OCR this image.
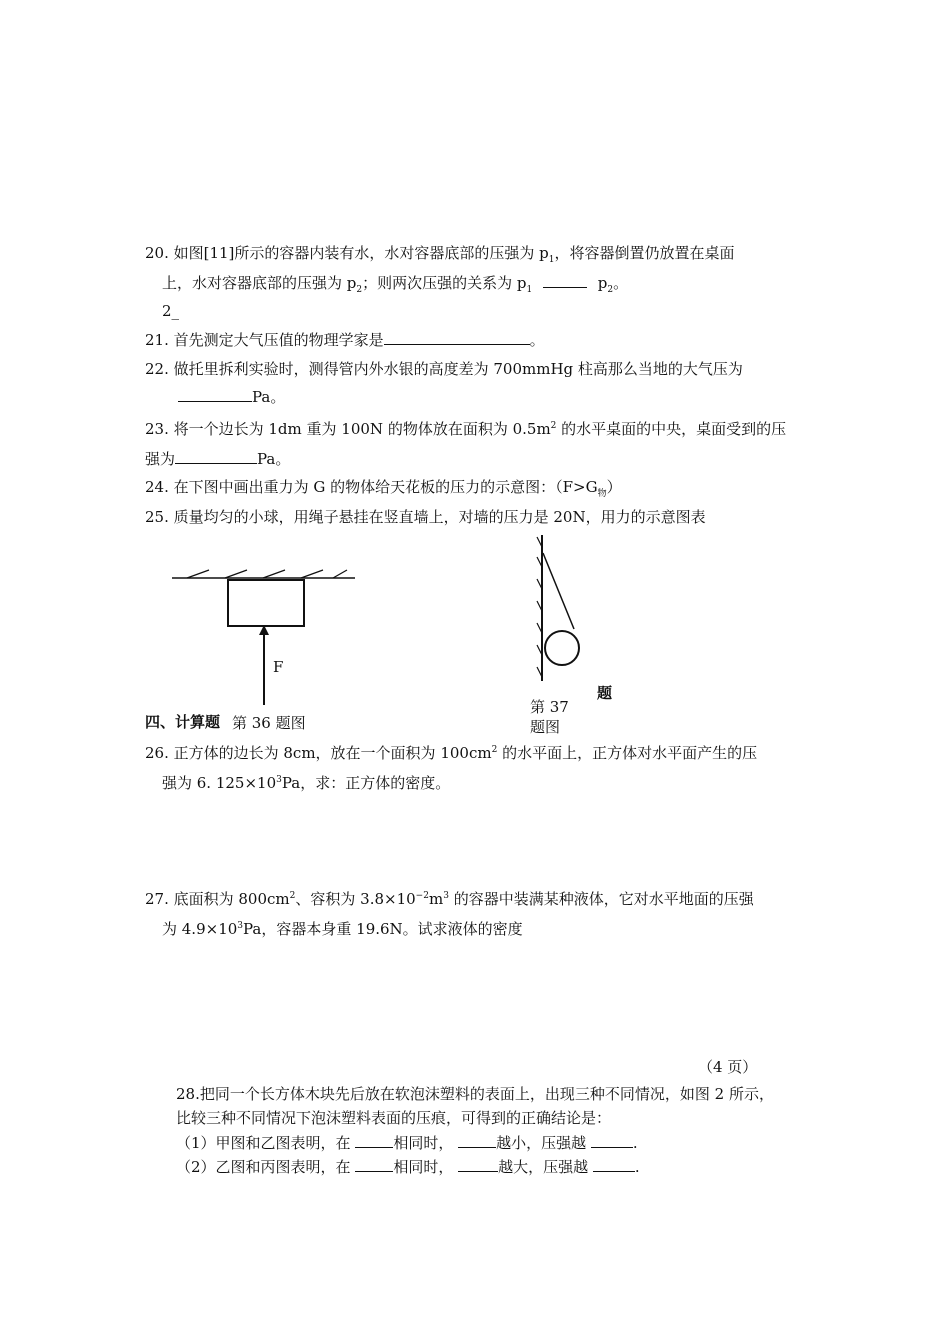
20. 如图[11]所示的容器内装有水，水对容器底部的压强为 $p_1$，将容器倒置仍放置在桌面
上，水对容器底部的压强为 $p_2$；则两次压强的关系为 $p_1$	$p_2$。
2_
21. 首先测定大气压值的物理学家是	。
22. 做托里拆利实验时，测得管内外水银的高度差为 700mmHg 柱高那么当地的大气压为
Pa。
23. 将一个边长为 1dm 重为 100N 的物体放在面积为 $0.5m^2$ 的水平桌面的中央，桌面受到的压
强为	Pa。
24. 在下图中画出重力为 G 的物体给天花板的压力的示意图：$(F>G_物)$
25. 质量均匀的小球，用绳子悬挂在竖直墙上，对墙的压力是 20N，用力的示意图表
F
题
第 37
题图
四、计算题 第 36 题图
26. 正方体的边长为 8cm，放在一个面积为 $100cm^2$ 的水平面上，正方体对水平面产生的压
强为 6. $125\times 10^3Pa$，求：正方体的密度。
27. 底面积为 $800cm^2$、容积为 $3.8\times 10^{-2}m^3$ 的容器中装满某种液体，它对水平地面的压强
为 $4.9\times 10^3Pa$，容器本身重 19.6N。试求液体的密度
（4 页）
28.把同一个长方体木块先后放在软泡沫塑料的表面上，出现三种不同情况，如图 2 所示，
比较三种不同情况下泡沫塑料表面的压痕，可得到的正确结论是：
（1）甲图和乙图表明，在	相同时，	越小，压强越	.
（2）乙图和丙图表明，在	相同时，	越大，压强越	.
